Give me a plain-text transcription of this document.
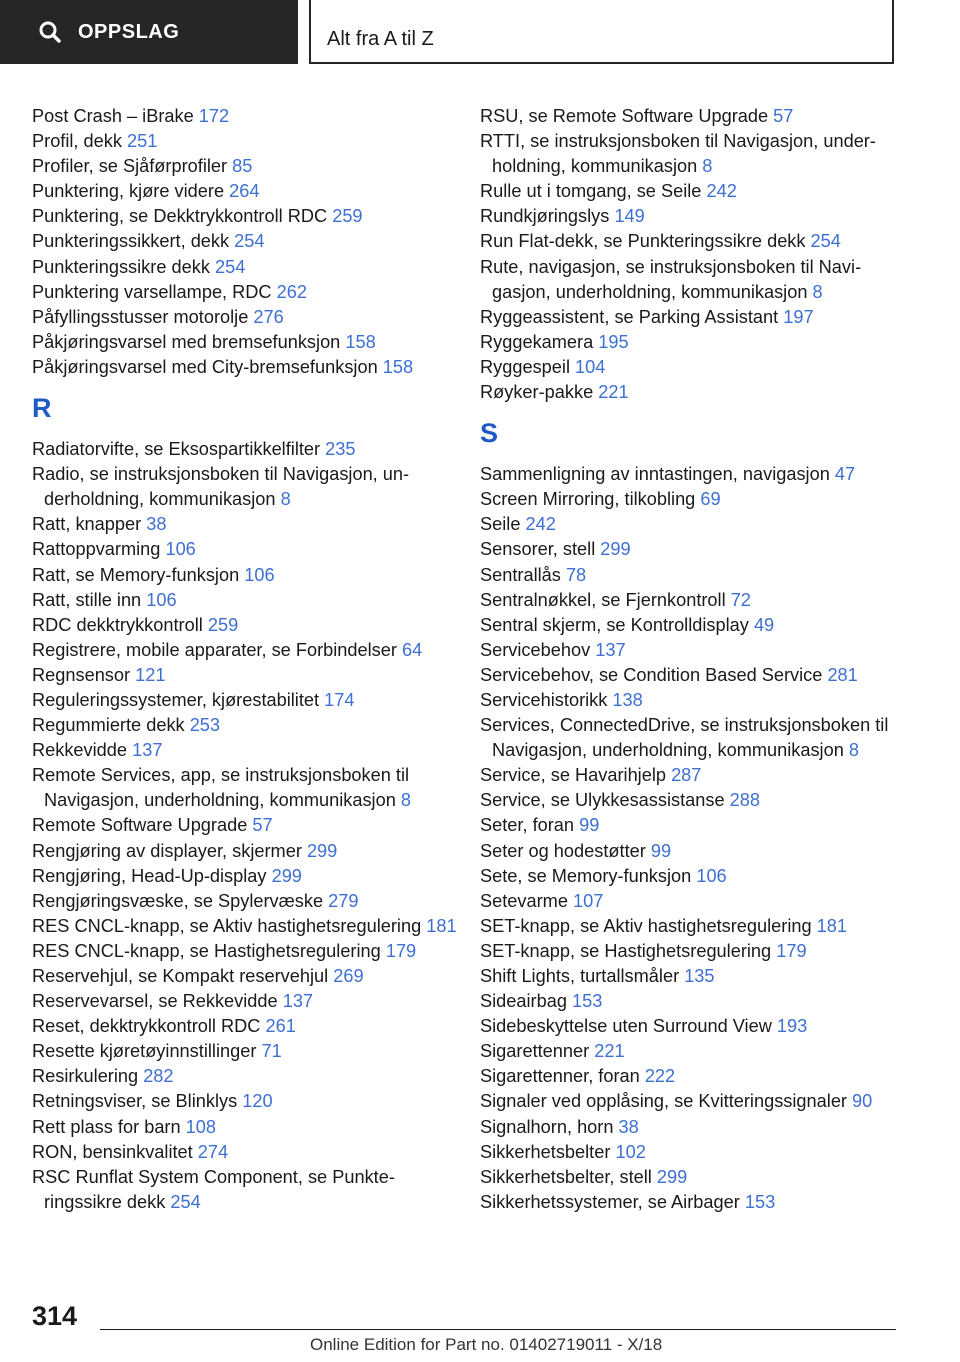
OPPSLAG	Alt fra A til Z
Post Crash – iBrake 172
Profil, dekk 251
Profiler, se Sjåførprofiler 85
Punktering, kjøre videre 264
Punktering, se Dekktrykkontroll RDC 259
Punkteringssikkert, dekk 254
Punkteringssikre dekk 254
Punktering varsellampe, RDC 262
Påfyllingsstusser motorolje 276
Påkjøringsvarsel med bremsefunksjon 158
Påkjøringsvarsel med City-bremsefunksjon 158
R
Radiatorvifte, se Eksospartikkelfilter 235
Radio, se instruksjonsboken til Navigasjon, underholdning, kommunikasjon 8
Ratt, knapper 38
Rattoppvarming 106
Ratt, se Memory-funksjon 106
Ratt, stille inn 106
RDC dekktrykkontroll 259
Registrere, mobile apparater, se Forbindelser 64
Regnsensor 121
Reguleringssystemer, kjørestabilitet 174
Regummierte dekk 253
Rekkevidde 137
Remote Services, app, se instruksjonsboken til Navigasjon, underholdning, kommunikasjon 8
Remote Software Upgrade 57
Rengjøring av displayer, skjermer 299
Rengjøring, Head-Up-display 299
Rengjøringsvæske, se Spylervæske 279
RES CNCL-knapp, se Aktiv hastighetsregulering 181
RES CNCL-knapp, se Hastighetsregulering 179
Reservehjul, se Kompakt reservehjul 269
Reservevarsel, se Rekkevidde 137
Reset, dekktrykkontroll RDC 261
Resette kjøretøyinnstillinger 71
Resirkulering 282
Retningsviser, se Blinklys 120
Rett plass for barn 108
RON, bensinkvalitet 274
RSC Runflat System Component, se Punkteringssikre dekk 254
RSU, se Remote Software Upgrade 57
RTTI, se instruksjonsboken til Navigasjon, underholdning, kommunikasjon 8
Rulle ut i tomgang, se Seile 242
Rundkjøringslys 149
Run Flat-dekk, se Punkteringssikre dekk 254
Rute, navigasjon, se instruksjonsboken til Navigasjon, underholdning, kommunikasjon 8
Ryggeassistent, se Parking Assistant 197
Ryggekamera 195
Ryggespeil 104
Røyker-pakke 221
S
Sammenligning av inntastingen, navigasjon 47
Screen Mirroring, tilkobling 69
Seile 242
Sensorer, stell 299
Sentrallås 78
Sentralnøkkel, se Fjernkontroll 72
Sentral skjerm, se Kontrolldisplay 49
Servicebehov 137
Servicebehov, se Condition Based Service 281
Servicehistorikk 138
Services, ConnectedDrive, se instruksjonsboken til Navigasjon, underholdning, kommunikasjon 8
Service, se Havarihjelp 287
Service, se Ulykkesassistanse 288
Seter, foran 99
Seter og hodestøtter 99
Sete, se Memory-funksjon 106
Setevarme 107
SET-knapp, se Aktiv hastighetsregulering 181
SET-knapp, se Hastighetsregulering 179
Shift Lights, turtallsmåler 135
Sideairbag 153
Sidebeskyttelse uten Surround View 193
Sigarettenner 221
Sigarettenner, foran 222
Signaler ved opplåsing, se Kvitteringssignaler 90
Signalhorn, horn 38
Sikkerhetsbelter 102
Sikkerhetsbelter, stell 299
Sikkerhetssystemer, se Airbager 153
314
Online Edition for Part no. 01402719011 - X/18
